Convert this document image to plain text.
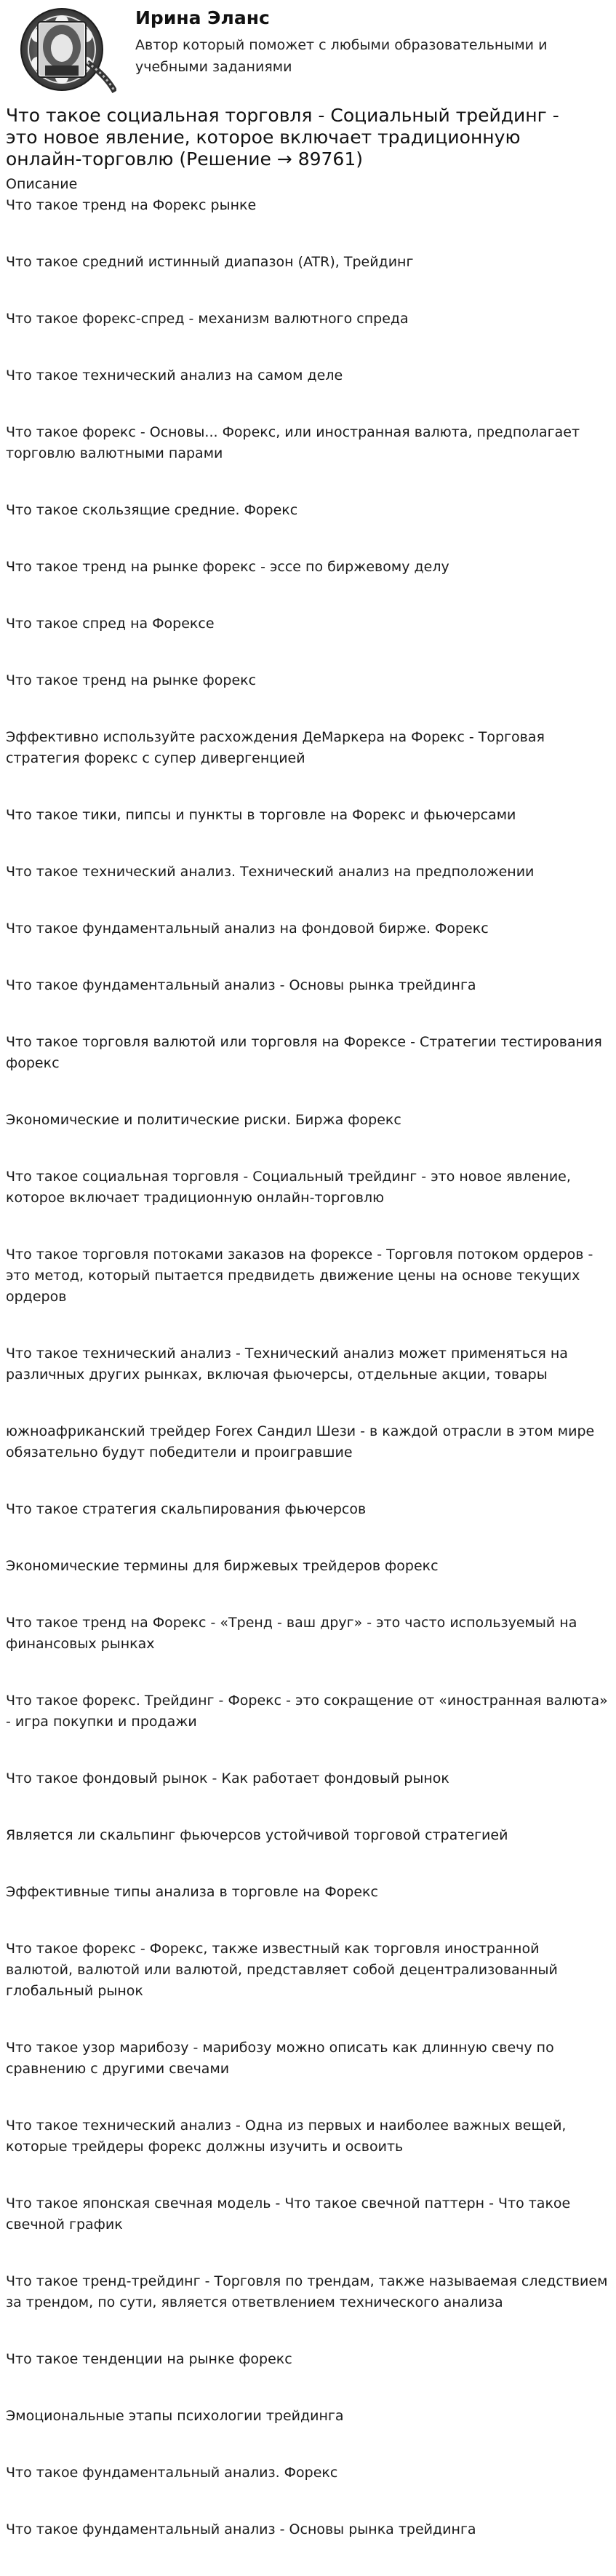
Ирина Эланс
Автор который поможет с любыми образовательными и учебными заданиями
Что такое социальная торговля - Социальный трейдинг - это новое явление, которое включает традиционную онлайн-торговлю (Решение → 89761)
Описание
Что такое тренд на Форекс рынке
Что такое средний истинный диапазон (ATR), Трейдинг
Что такое форекс-спред - механизм валютного спреда
Что такое технический анализ на самом деле
Что такое форекс - Основы... Форекс, или иностранная валюта, предполагает торговлю валютными парами
Что такое скользящие средние. Форекс
Что такое тренд на рынке форекс - эссе по биржевому делу
Что такое спред на Форексе
Что такое тренд на рынке форекс
Эффективно используйте расхождения ДеМаркера на Форекс - Торговая стратегия форекс с супер дивергенцией
Что такое тики, пипсы и пункты в торговле на Форекс и фьючерсами
Что такое технический анализ. Технический анализ на предположении
Что такое фундаментальный анализ на фондовой бирже. Форекс
Что такое фундаментальный анализ - Основы рынка трейдинга
Что такое торговля валютой или торговля на Форексе - Стратегии тестирования форекс
Экономические и политические риски. Биржа форекс
Что такое социальная торговля - Социальный трейдинг - это новое явление, которое включает традиционную онлайн-торговлю
Что такое торговля потоками заказов на форексе - Торговля потоком ордеров - это метод, который пытается предвидеть движение цены на основе текущих ордеров
Что такое технический анализ - Технический анализ может применяться на различных других рынках, включая фьючерсы, отдельные акции, товары
южноафриканский трейдер Forex Сандил Шези - в каждой отрасли в этом мире обязательно будут победители и проигравшие
Что такое стратегия скальпирования фьючерсов
Экономические термины для биржевых трейдеров форекс
Что такое тренд на Форекс - «Тренд - ваш друг» - это часто используемый на финансовых рынках
Что такое форекс. Трейдинг - Форекс - это сокращение от «иностранная валюта» - игра покупки и продажи
Что такое фондовый рынок - Как работает фондовый рынок
Является ли скальпинг фьючерсов устойчивой торговой стратегией
Эффективные типы анализа в торговле на Форекс
Что такое форекс - Форекс, также известный как торговля иностранной валютой, валютой или валютой, представляет собой децентрализованный глобальный рынок
Что такое узор марибозу - марибозу можно описать как длинную свечу по сравнению с другими свечами
Что такое технический анализ - Одна из первых и наиболее важных вещей, которые трейдеры форекс должны изучить и освоить
Что такое японская свечная модель - Что такое свечной паттерн - Что такое свечной график
Что такое тренд-трейдинг - Торговля по трендам, также называемая следствием за трендом, по сути, является ответвлением технического анализа
Что такое тенденции на рынке форекс
Эмоциональные этапы психологии трейдинга
Что такое фундаментальный анализ. Форекс
Что такое фундаментальный анализ - Основы рынка трейдинга
